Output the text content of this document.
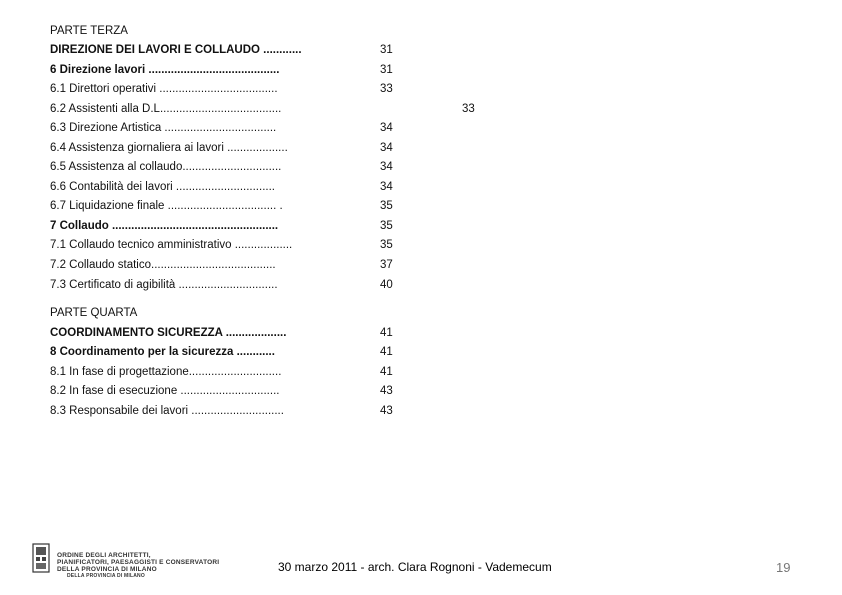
PARTE TERZA
DIREZIONE DEI LAVORI E COLLAUDO ............	31
6 Direzione lavori .........................................	31
6.1 Direttori operativi .....................................	33
6.2 Assistenti alla D.L......................................	33
6.3 Direzione Artistica ...................................	34
6.4 Assistenza giornaliera ai lavori ...................	34
6.5 Assistenza al collaudo...............................	34
6.6 Contabilità dei lavori ...............................	34
6.7 Liquidazione finale .................................. .	35
7 Collaudo ....................................................	35
7.1 Collaudo tecnico amministrativo ..................	35
7.2 Collaudo statico.......................................	37
7.3 Certificato di agibilità ...............................	40
PARTE QUARTA
COORDINAMENTO SICUREZZA ...................	41
8 Coordinamento per la sicurezza ............	41
8.1 In fase di progettazione.............................	41
8.2 In fase di esecuzione ...............................	43
8.3 Responsabile dei lavori .............................	43
ORDINE DEGLI ARCHITETTI,
PIANIFICATORI, PAESAGGISTI E CONSERVATORI
DELLA PROVINCIA DI MILANO
DELLA PROVINCIA DI MILANO
30 marzo 2011 - arch. Clara Rognoni - Vademecum	19
